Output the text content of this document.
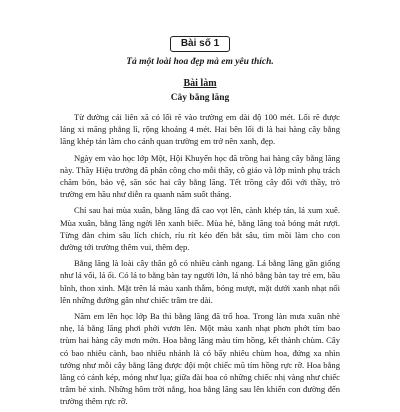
Bài số 1
Tả một loài hoa đẹp mà em yêu thích.
Bài làm
Cây bằng lăng

Từ đường cái liên xã có lối rẽ vào trường em dài độ 100 mét. Lối rẽ được láng xi măng phẳng lì, rộng khoảng 4 mét. Hai bên lối đi là hai hàng cây bằng lăng khép tán làm cho cảnh quan trường em trở nên xanh, đẹp.

Ngày em vào học lớp Một, Hội Khuyến học đã trồng hai hàng cây bằng lăng này. Thầy Hiệu trưởng đã phân công cho mỗi thầy, cô giáo và lớp mình phụ trách chăm bón, bảo vệ, săn sóc hai cây bằng lăng. Tết trồng cây đối với thầy, trò trường em hầu như diễn ra quanh năm suốt tháng.

Chỉ sau hai mùa xuân, bằng lăng đã cao vọt lên, cành khép tán, lá xum xuê. Mùa xuân, bằng lăng ngời lên xanh biếc. Mùa hè, bằng lăng toả bóng mát rượi. Từng đàn chim sâu lích chích, ríu rít kéo đến bắt sâu, tìm mồi làm cho con đường tới trường thêm vui, thêm đẹp.

Bằng lăng là loài cây thân gỗ có nhiều cành ngang. Lá bằng lăng gần giống như lá vối, lá ổi. Có lá to bằng bàn tay người lớn, lá nhỏ bằng bàn tay trẻ em, bầu bĩnh, thon xinh. Mặt trên lá màu xanh thẫm, bóng mượt, mặt dưới xanh nhạt nổi lên những đường gân như chiếc trâm tre dài.

Năm em lên học lớp Ba thì bằng lăng đã trổ hoa. Trong làn mưa xuân nhè nhẹ, lá bằng lăng phơi phới vươn lên. Một màu xanh nhạt phơn phớt tím bao trùm hai hàng cây mơn mởn. Hoa bằng lăng màu tím hồng, kết thành chùm. Cây có bao nhiêu cành, bao nhiêu nhánh là có bấy nhiêu chùm hoa, đứng xa nhìn tưởng như mỗi cây bằng lăng được đội một chiếc mũ tím hồng rực rỡ. Hoa bằng lăng có cánh kép, mỏng như lụa; giữa đài hoa có những chiếc nhị vàng như chiếc trâm bé xinh. Những hôm trời nắng, hoa bằng lăng sau lên khiến con đường đến trường thêm rực rỡ.
